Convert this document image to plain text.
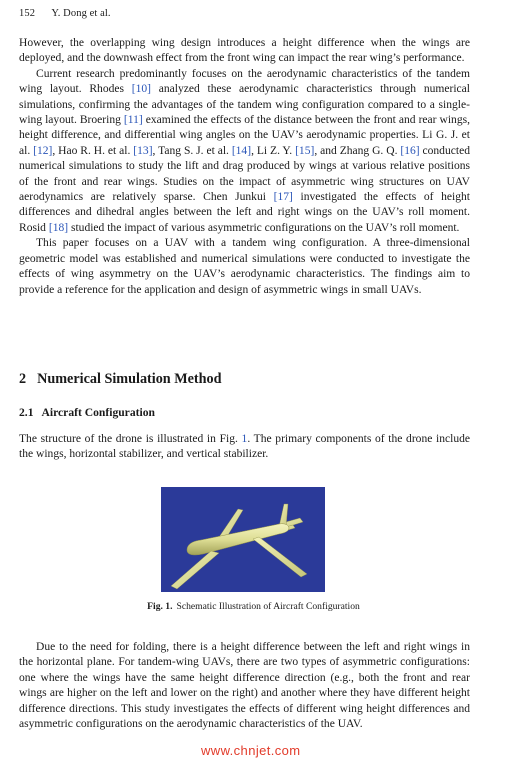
152 Y. Dong et al.

However, the overlapping wing design introduces a height difference when the wings are deployed, and the downwash effect from the front wing can impact the rear wing’s performance.

Current research predominantly focuses on the aerodynamic characteristics of the tandem wing layout. Rhodes [10] analyzed these aerodynamic characteristics through numerical simulations, confirming the advantages of the tandem wing configuration compared to a single-wing layout. Broering [11] examined the effects of the distance between the front and rear wings, height difference, and differential wing angles on the UAV’s aerodynamic properties. Li G. J. et al. [12], Hao R. H. et al. [13], Tang S. J. et al. [14], Li Z. Y. [15], and Zhang G. Q. [16] conducted numerical simulations to study the lift and drag produced by wings at various relative positions of the front and rear wings. Studies on the impact of asymmetric wing structures on UAV aerodynamics are relatively sparse. Chen Junkui [17] investigated the effects of height differences and dihedral angles between the left and right wings on the UAV’s roll moment. Rosid [18] studied the impact of various asymmetric configurations on the UAV’s roll moment.

This paper focuses on a UAV with a tandem wing configuration. A three-dimensional geometric model was established and numerical simulations were conducted to investigate the effects of wing asymmetry on the UAV’s aerodynamic characteristics. The findings aim to provide a reference for the application and design of asymmetric wings in small UAVs.

2 Numerical Simulation Method
2.1 Aircraft Configuration

The structure of the drone is illustrated in Fig. 1. The primary components of the drone include the wings, horizontal stabilizer, and vertical stabilizer.

Fig. 1. Schematic Illustration of Aircraft Configuration

Due to the need for folding, there is a height difference between the left and right wings in the horizontal plane. For tandem-wing UAVs, there are two types of asymmetric configurations: one where the wings have the same height difference direction (e.g., both the front and rear wings are higher on the left and lower on the right) and another where they have different height difference directions. This study investigates the effects of different wing height differences and asymmetric configurations on the aerodynamic characteristics of the UAV.

www.chnjet.com
